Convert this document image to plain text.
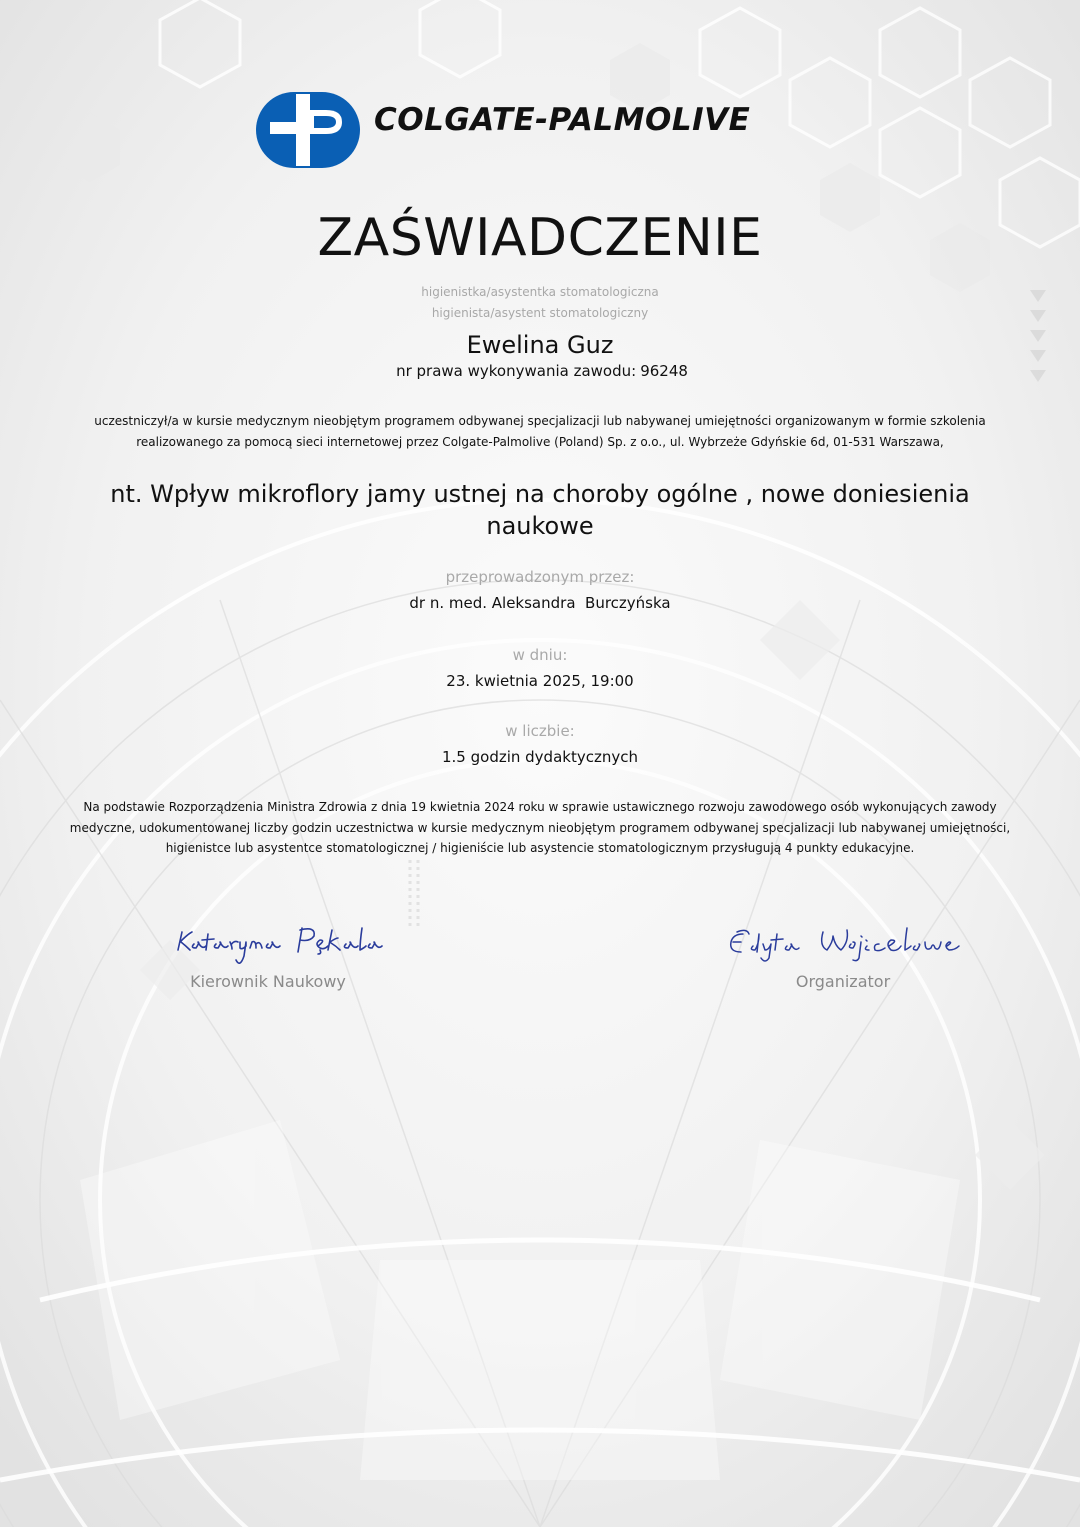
COLGATE-PALMOLIVE
ZAŚWIADCZENIE
higienistka/asystentka stomatologiczna
higienista/asystent stomatologiczny
Ewelina Guz
nr prawa wykonywania zawodu: 96248
uczestniczył/a w kursie medycznym nieobjętym programem odbywanej specjalizacji lub nabywanej umiejętności organizowanym w formie szkolenia realizowanego za pomocą sieci internetowej przez Colgate-Palmolive (Poland) Sp. z o.o., ul. Wybrzeże Gdyńskie 6d, 01-531 Warszawa,
nt. Wpływ mikroflory jamy ustnej na choroby ogólne , nowe doniesienia naukowe
przeprowadzonym przez:
dr n. med. Aleksandra  Burczyńska
w dniu:
23. kwietnia 2025, 19:00
w liczbie:
1.5 godzin dydaktycznych
Na podstawie Rozporządzenia Ministra Zdrowia z dnia 19 kwietnia 2024 roku w sprawie ustawicznego rozwoju zawodowego osób wykonujących zawody medyczne, udokumentowanej liczby godzin uczestnictwa w kursie medycznym nieobjętym programem odbywanej specjalizacji lub nabywanej umiejętności, higienistce lub asystentce stomatologicznej / higieniście lub asystencie stomatologicznym przysługują 4 punkty edukacyjne.
Kierownik Naukowy	Organizator
